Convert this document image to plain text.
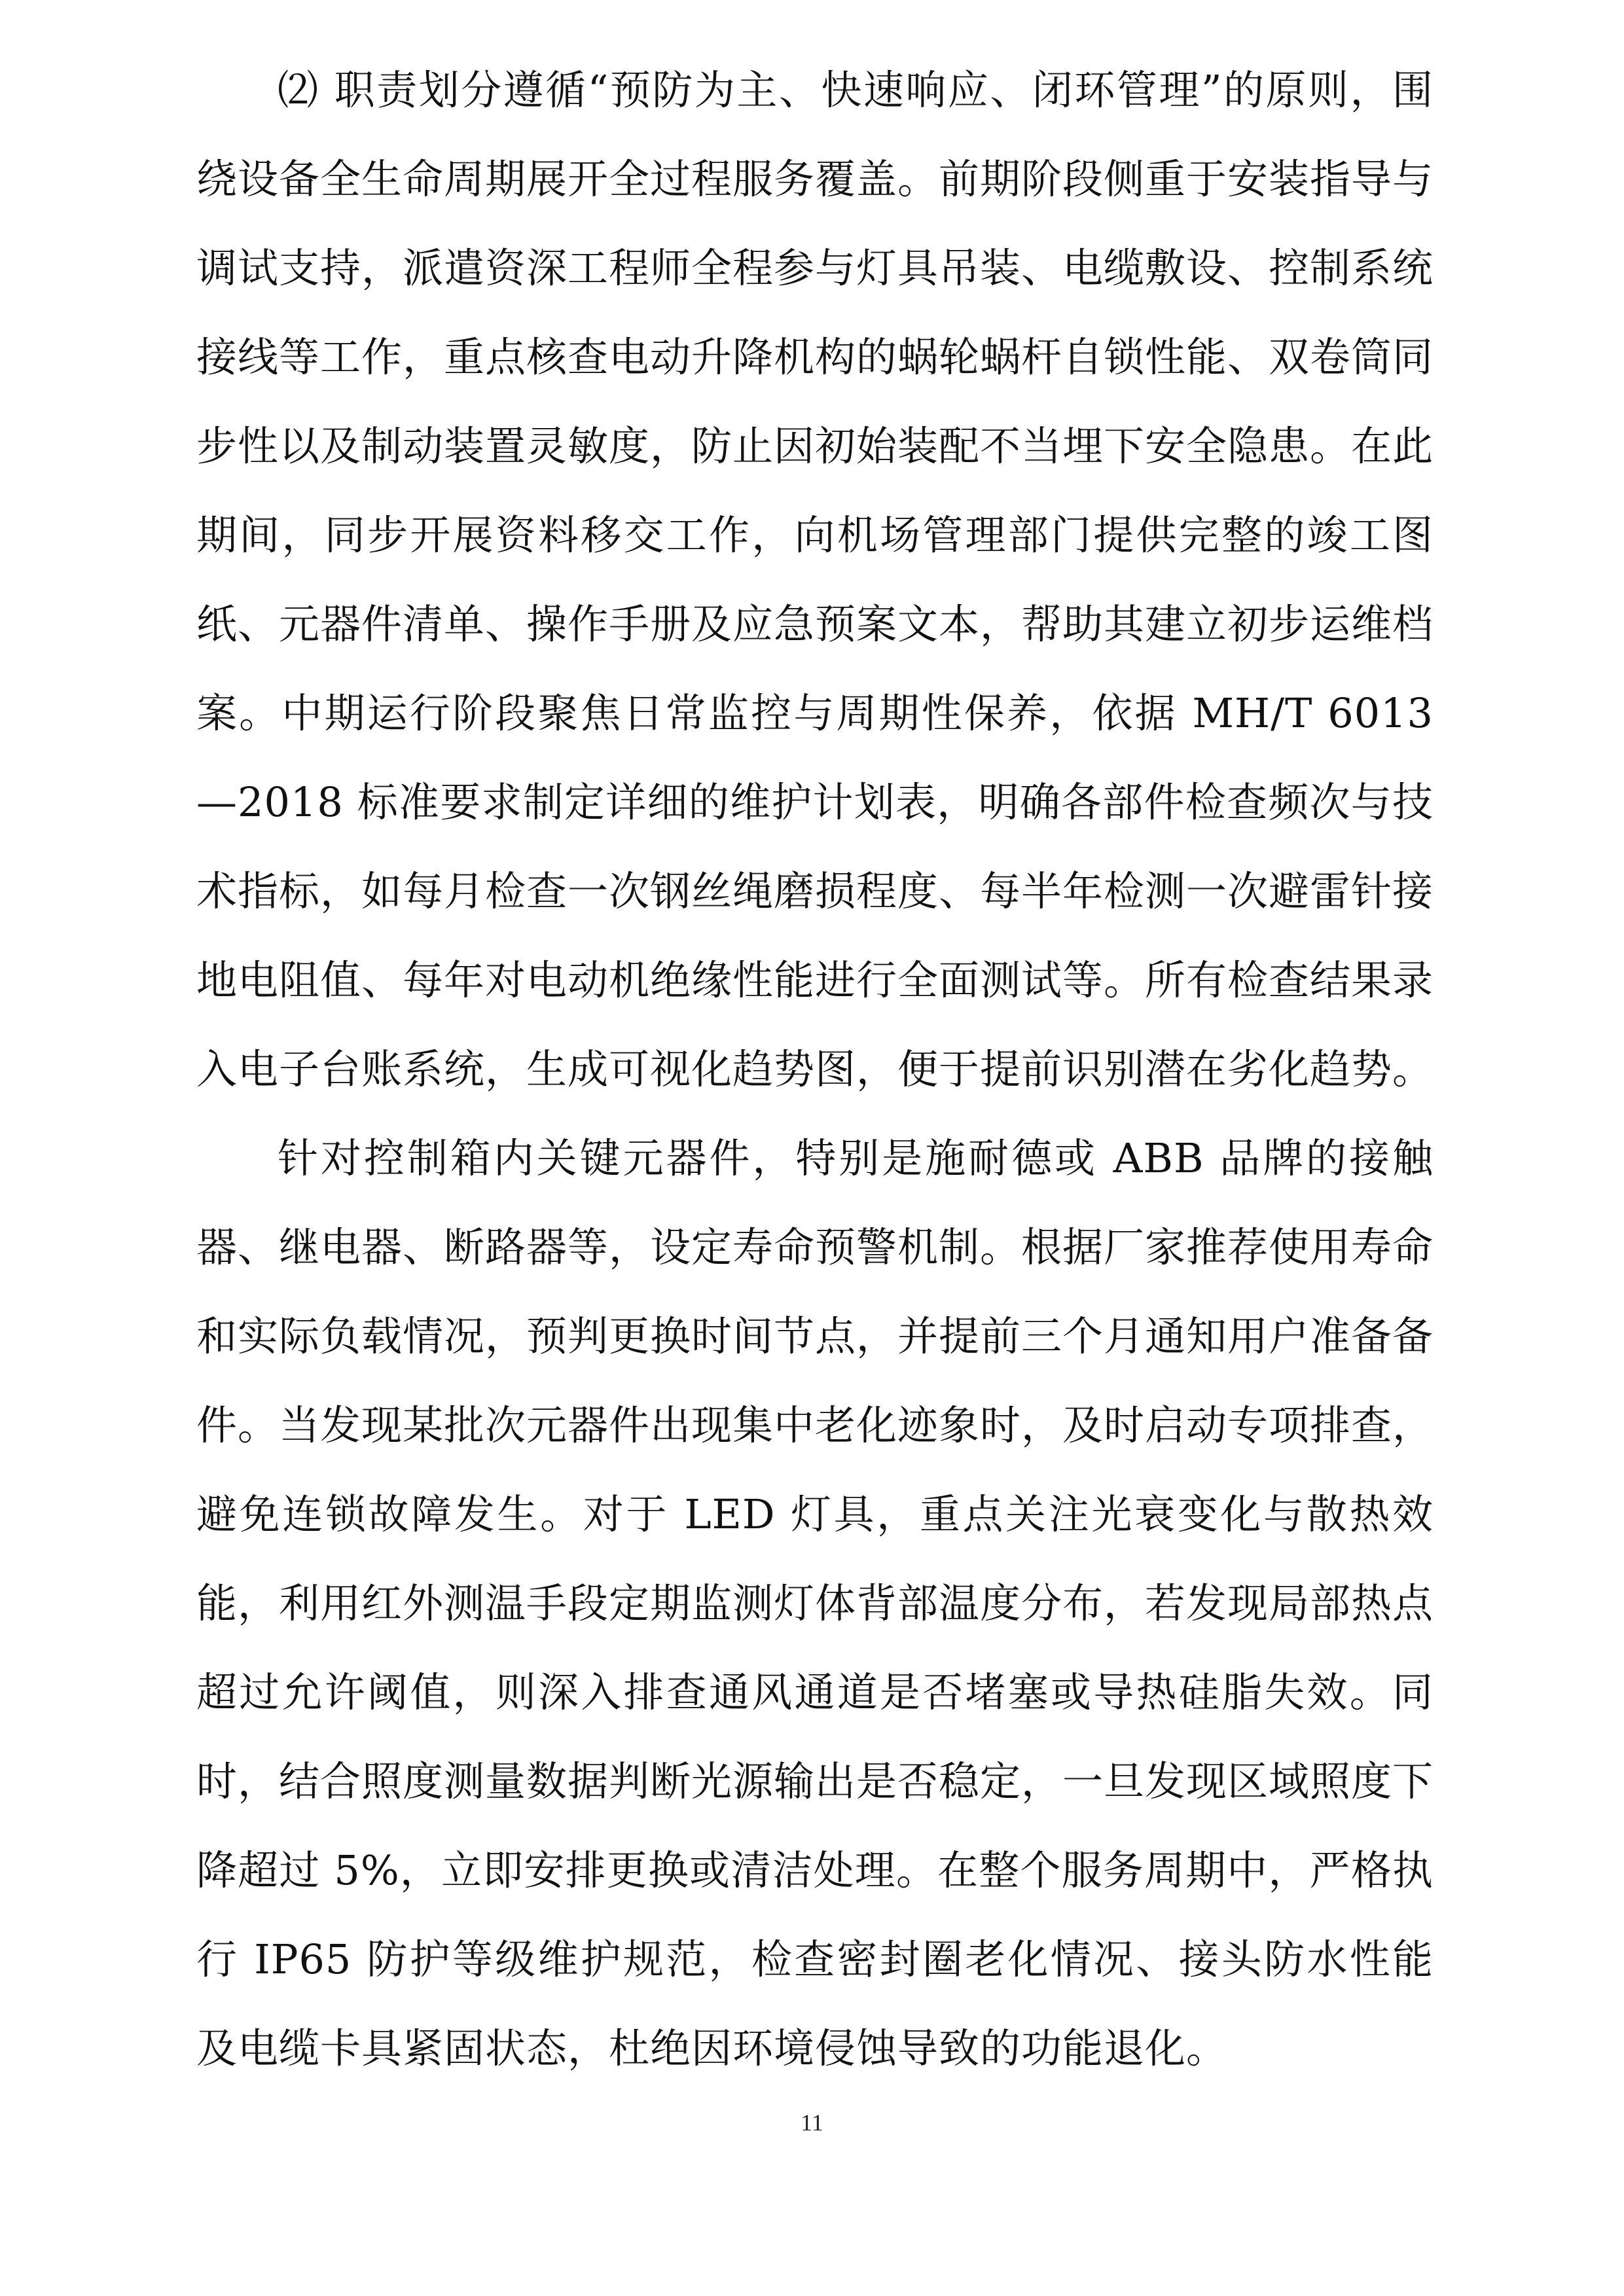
⑵ 职责划分遵循“预防为主、快速响应、闭环管理”的原则，围绕设备全生命周期展开全过程服务覆盖。前期阶段侧重于安装指导与调试支持，派遣资深工程师全程参与灯具吊装、电缆敷设、控制系统接线等工作，重点核查电动升降机构的蜗轮蜗杆自锁性能、双卷筒同步性以及制动装置灵敏度，防止因初始装配不当埋下安全隐患。在此期间，同步开展资料移交工作，向机场管理部门提供完整的竣工图纸、元器件清单、操作手册及应急预案文本，帮助其建立初步运维档案。中期运行阶段聚焦日常监控与周期性保养，依据 MH/T 6013—2018 标准要求制定详细的维护计划表，明确各部件检查频次与技术指标，如每月检查一次钢丝绳磨损程度、每半年检测一次避雷针接地电阻值、每年对电动机绝缘性能进行全面测试等。所有检查结果录入电子台账系统，生成可视化趋势图，便于提前识别潜在劣化趋势。

针对控制箱内关键元器件，特别是施耐德或 ABB 品牌的接触器、继电器、断路器等，设定寿命预警机制。根据厂家推荐使用寿命和实际负载情况，预判更换时间节点，并提前三个月通知用户准备备件。当发现某批次元器件出现集中老化迹象时，及时启动专项排查，避免连锁故障发生。对于 LED 灯具，重点关注光衰变化与散热效能，利用红外测温手段定期监测灯体背部温度分布，若发现局部热点超过允许阈值，则深入排查通风通道是否堵塞或导热硅脂失效。同时，结合照度测量数据判断光源输出是否稳定，一旦发现区域照度下降超过 5%，立即安排更换或清洁处理。在整个服务周期中，严格执行 IP65 防护等级维护规范，检查密封圈老化情况、接头防水性能及电缆卡具紧固状态，杜绝因环境侵蚀导致的功能退化。

11
